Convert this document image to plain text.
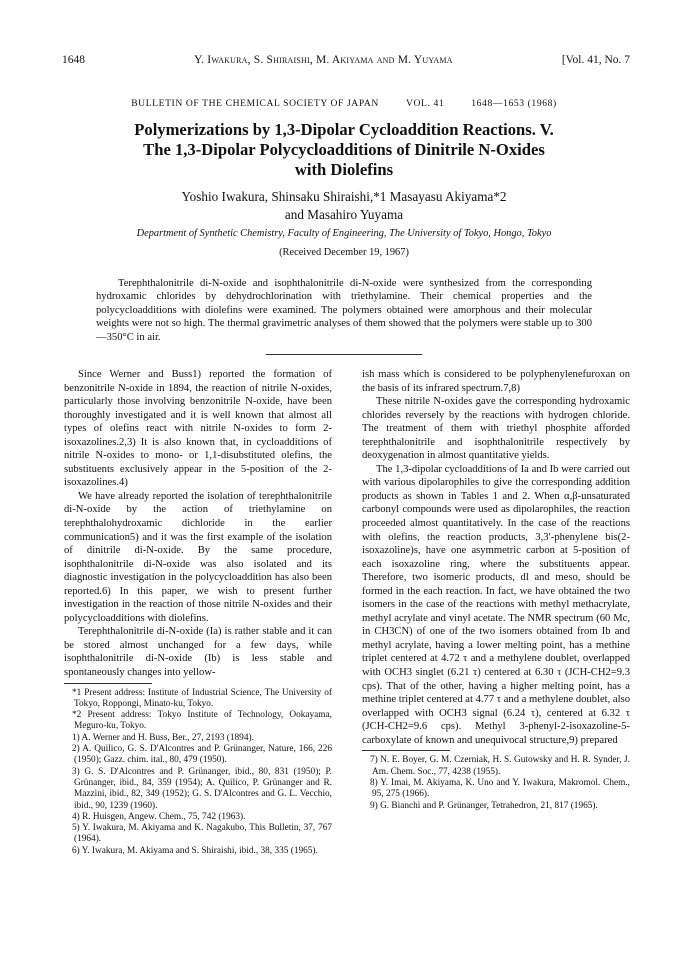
1648	Y. Iwakura, S. Shiraishi, M. Akiyama and M. Yuyama	[Vol. 41, No. 7
BULLETIN OF THE CHEMICAL SOCIETY OF JAPAN	VOL. 41	1648—1653 (1968)
Polymerizations by 1,3-Dipolar Cycloaddition Reactions. V.
The 1,3-Dipolar Polycycloadditions of Dinitrile N-Oxides
with Diolefins
Yoshio Iwakura, Shinsaku Shiraishi,*1 Masayasu Akiyama*2
and Masahiro Yuyama
Department of Synthetic Chemistry, Faculty of Engineering, The University of Tokyo, Hongo, Tokyo
(Received December 19, 1967)

Terephthalonitrile di-N-oxide and isophthalonitrile di-N-oxide were synthesized from the corresponding hydroxamic chlorides by dehydrochlorination with triethylamine. Their chemical properties and the polycycloadditions with diolefins were examined. The polymers obtained were amorphous and their molecular weights were not so high. The thermal gravimetric analyses of them showed that the polymers were stable up to 300—350°C in air.

Since Werner and Buss1) reported the formation of benzonitrile N-oxide in 1894, the reaction of nitrile N-oxides, particularly those involving benzonitrile N-oxide, have been thoroughly investigated and it is well known that almost all types of olefins react with nitrile N-oxides to form 2-isoxazolines.2,3) It is also known that, in cycloadditions of nitrile N-oxides to mono- or 1,1-disubstituted olefins, the substituents exclusively appear in the 5-position of the 2-isoxazolines.4)

We have already reported the isolation of terephthalonitrile di-N-oxide by the action of triethylamine on terephthalohydroxamic dichloride in the earlier communication5) and it was the first example of the isolation of dinitrile di-N-oxide. By the same procedure, isophthalonitrile di-N-oxide was also isolated and its diagnostic investigation in the polycycloaddition has also been reported.6) In this paper, we wish to present further investigation in the reaction of those nitrile N-oxides and their polycycloadditions with diolefins.

Terephthalonitrile di-N-oxide (Ia) is rather stable and it can be stored almost unchanged for a few days, while isophthalonitrile di-N-oxide (Ib) is less stable and spontaneously changes into yellow-

*1 Present address: Institute of Industrial Science, The University of Tokyo, Roppongi, Minato-ku, Tokyo.
*2 Present address: Tokyo Institute of Technology, Ookayama, Meguro-ku, Tokyo.
1) A. Werner and H. Buss, Ber., 27, 2193 (1894).
2) A. Quilico, G. S. D'Alcontres and P. Grünanger, Nature, 166, 226 (1950); Gazz. chim. ital., 80, 479 (1950).
3) G. S. D'Alcontres and P. Grünanger, ibid., 80, 831 (1950); P. Grünanger, ibid., 84, 359 (1954); A. Quilico, P. Grünanger and R. Mazzini, ibid., 82, 349 (1952); G. S. D'Alcontres and G. L. Vecchio, ibid., 90, 1239 (1960).
4) R. Huisgen, Angew. Chem., 75, 742 (1963).
5) Y. Iwakura, M. Akiyama and K. Nagakubo, This Bulletin, 37, 767 (1964).
6) Y. Iwakura, M. Akiyama and S. Shiraishi, ibid., 38, 335 (1965).

ish mass which is considered to be polyphenylenefuroxan on the basis of its infrared spectrum.7,8)

These nitrile N-oxides gave the corresponding hydroxamic chlorides reversely by the reactions with hydrogen chloride. The treatment of them with triethyl phosphite afforded terephthalonitrile and isophthalonitrile respectively by deoxygenation in almost quantitative yields.

The 1,3-dipolar cycloadditions of Ia and Ib were carried out with various dipolarophiles to give the corresponding addition products as shown in Tables 1 and 2. When α,β-unsaturated carbonyl compounds were used as dipolarophiles, the reaction proceeded almost quantitatively. In the case of the reactions with olefins, the reaction products, 3,3′-phenylene bis(2-isoxazoline)s, have one asymmetric carbon at 5-position of each isoxazoline ring, where the substituents appear. Therefore, two isomeric products, dl and meso, should be formed in the each reaction. In fact, we have obtained the two isomers in the case of the reactions with methyl methacrylate, methyl acrylate and vinyl acetate. The NMR spectrum (60 Mc, in CH3CN) of one of the two isomers obtained from Ib and methyl acrylate, having a lower melting point, has a methine triplet centered at 4.72 τ and a methylene doublet, overlapped with OCH3 singlet (6.21 τ) centered at 6.30 τ (JCH-CH2=9.3 cps). That of the other, having a higher melting point, has a methine triplet centered at 4.77 τ and a methylene doublet, also overlapped with OCH3 signal (6.24 τ), centered at 6.32 τ (JCH-CH2=9.6 cps). Methyl 3-phenyl-2-isoxazoline-5-carboxylate of known and unequivocal structure,9) prepared

7) N. E. Boyer, G. M. Czerniak, H. S. Gutowsky and H. R. Synder, J. Am. Chem. Soc., 77, 4238 (1955).
8) Y. Imai, M. Akiyama, K. Uno and Y. Iwakura, Makromol. Chem., 95, 275 (1966).
9) G. Bianchi and P. Grünanger, Tetrahedron, 21, 817 (1965).
